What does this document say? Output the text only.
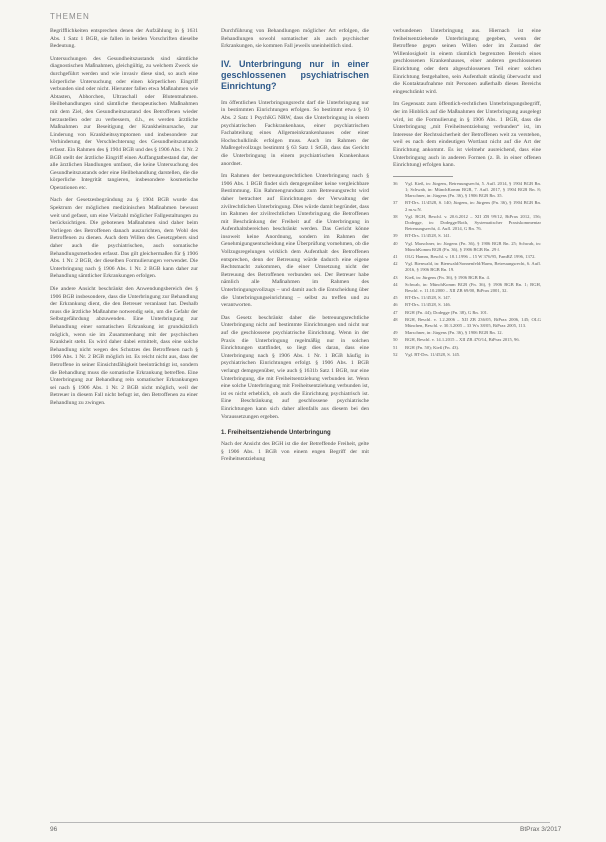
THEMEN

Begrifflichkeiten entsprechen denen der Aufzählung in § 1631 Abs. 1 Satz 1 BGB, sie fallen in beiden Vorschriften dieselbe Bedeutung.

Untersuchungen des Gesundheitszustands sind sämtliche diagnostischen Maßnahmen, gleichgültig, zu welchem Zweck sie durchgeführt werden und wie invasiv diese sind, so auch eine körperliche Untersuchung oder einen körperlichen Eingriff verbunden sind oder nicht. Hierunter fallen etwa Maßnahmen wie Abtasten, Abhorchen, Ultraschall oder Blutentnahmen. Heilbehandlungen sind sämtliche therapeutischen Maßnahmen mit dem Ziel, den Gesundheitszustand des Betroffenen wieder herzustellen oder zu verbessern, d.h., es werden ärztliche Maßnahmen zur Beseitigung der Krankheitsursache, zur Linderung von Krankheitssymptomen und insbesondere zur Verhinderung der Verschlechterung des Gesundheitszustands erfasst. Ein Rahmen des § 1904 BGB und des § 1906 Abs. 1 Nr. 2 BGB stellt der ärztliche Eingriff einen Auffangtatbestand dar, der alle ärztlichen Handlungen umfasst, die keine Untersuchung des Gesundheitszustands oder eine Heilbehandlung darstellen, die die körperliche Integrität tangieren, insbesondere kosmetische Operationen etc.

Nach der Gesetzesbegründung zu § 1904 BGB wurde das Spektrum der möglichen medizinischen Maßnahmen bewusst weit und gefasst, um eine Vielzahl möglicher Fallgestaltungen zu berücksichtigen. Die gebotenen Maßnahmen sind daher beim Vorliegen des Betroffenen danach auszurichten, dem Wohl des Betroffenen zu dienen. Auch dem Willen des Gesetzgebers sind daher auch die psychiatrischen, auch somatische Behandlungsmethoden erfasst. Das gilt gleichermaßen für § 1906 Abs. 1 Nr. 2 BGB, der dieselben Formulierungen verwendet. Die Unterbringung nach § 1906 Abs. 1 Nr. 2 BGB kann daher zur Behandlung sämtlicher Erkrankungen erfolgen.

Die andere Ansicht beschränkt den Anwendungsbereich des § 1906 BGB insbesondere, dass die Unterbringung zur Behandlung der Erkrankung dient, die den Betreuer veranlasst hat. Deshalb muss die ärztliche Maßnahme notwendig sein, um die Gefahr der Selbstgefährdung abzuwenden. Eine Unterbringung zur Behandlung einer somatischen Erkrankung ist grundsätzlich möglich, wenn sie im Zusammenhang mit der psychischen Krankheit steht. Es wird daher dabei ermittelt, dass eine solche Behandlung nicht wegen des Schutzes des Betroffenen nach § 1906 Abs. 1 Nr. 2 BGB möglich ist. Es reicht nicht aus, dass der Betroffene in seiner Einsichtsfähigkeit beeinträchtigt ist, sondern die Behandlung muss die somatische Erkrankung betreffen. Eine Unterbringung zur Behandlung rein somatischer Erkrankungen sei nach § 1906 Abs. 1 Nr. 2 BGB nicht möglich, weil der Betreuer in diesem Fall nicht befugt ist, den Betroffenen zu einer Behandlung zu zwingen.

Durchführung von Behandlungen möglicher Art erfolgen, die Behandlungen sowohl somatischer als auch psychischer Erkrankungen, sie kommen Fall jeweils uneinheitlich sind.

IV. Unterbringung nur in einer geschlossenen psychiatrischen Einrichtung?

Im öffentlichen Unterbringungsrecht darf die Unterbringung nur in bestimmten Einrichtungen erfolgen. So bestimmt etwa § 10 Abs. 2 Satz 1 PsychKG NRW, dass die Unterbringung in einem psychiatrischen Fachkrankenhaus, einer psychiatrischen Fachabteilung eines Allgemeinkrankenhauses oder einer Hochschulklinik erfolgen muss. Auch im Rahmen der Maßregelvollzugs bestimmt § 63 Satz 1 StGB, dass das Gericht die Unterbringung in einem psychiatrischen Krankenhaus anordnet.

Im Rahmen der betreuungsrechtlichen Unterbringung nach § 1906 Abs. 1 BGB findet sich demgegenüber keine vergleichbare Bestimmung. Ein Rahmengrundsatz zum Betreuungsrecht wird daher betrachtet auf Einrichtungen der Verwaltung der zivilrechtlichen Unterbringung. Dies würde damit begründet, dass im Rahmen der zivilrechtlichen Unterbringung die Betroffenen mit Beschränkung der Freiheit auf die Unterbringung in Aufenthaltsbereichen beschränkt werden. Das Gericht könne insoweit keine Anordnung, sondern im Rahmen der Genehmigungsentscheidung eine Überprüfung vornehmen, ob die Vollzugsregelungen wirklich dem Aufenthalt des Betroffenen entsprechen, denn der Betreuung würde dadurch eine eigene Rechtsmacht zukommen, die einer Umsetzung nicht der Betreuung des Betroffenen verbunden sei. Der Betreuer habe nämlich alle Maßnahmen im Rahmen des Unterbringungsvollzugs – und damit auch die Entscheidung über die Unterbringungseinrichtung – selbst zu treffen und zu verantworten.

Das Gesetz beschränkt daher die betreuungsrechtliche Unterbringung nicht auf bestimmte Einrichtungen und nicht nur auf die geschlossene psychiatrische Einrichtung. Wenn in der Praxis die Unterbringung regelmäßig nur in solchen Einrichtungen stattfindet, so liegt dies daran, dass eine Unterbringung nach § 1906 Abs. 1 Nr. 1 BGB häufig in psychiatrischen Einrichtungen erfolgt. § 1906 Abs. 1 BGB verlangt demgegenüber, wie auch § 1631b Satz 1 BGB, nur eine Unterbringung, die mit Freiheitsentziehung verbunden ist. Wenn eine solche Unterbringung mit Freiheitsentziehung verbunden ist, ist es nicht erheblich, ob auch die Einrichtung psychiatrisch ist. Eine Beschränkung auf geschlossene psychiatrische Einrichtungen kann sich daher allenfalls aus diesem bei den Voraussetzungen ergeben.

1. Freiheitsentziehende Unterbringung

Nach der Ansicht des BGH ist die der Betreffende Freiheit, gelte § 1906 Abs. 1 BGB von einem engen Begriff der mit Freiheitsentziehung

verbundenen Unterbringung aus. Hiernach ist eine freiheitsentziehende Unterbringung gegeben, wenn der Betroffene gegen seinen Willen oder im Zustand der Willenlosigkeit in einem räumlich begrenzten Bereich eines geschlossenen Krankenhauses, einer anderen geschlossenen Einrichtung oder dem abgeschlossenen Teil einer solchen Einrichtung festgehalten, sein Aufenthalt ständig überwacht und die Kontaktaufnahme mit Personen außerhalb dieses Bereichs eingeschränkt wird.

Im Gegensatz zum öffentlich-rechtlichen Unterbringungsbegriff, der im Hinblick auf die Maßnahmen der Unterbringung ausgelegt wird, ist die Formulierung in § 1906 Abs. 1 BGB, dass die Unterbringung „mit Freiheitsentziehung verbunden“ ist, im Interesse der Rechtssicherheit der Betroffenen weit zu verstehen, weil es nach dem eindeutigen Wortlaut nicht auf die Art der Einrichtung ankommt. Es ist vielmehr ausreichend, dass eine Unterbringung auch in anderen Formen (z. B. in einer offenen Einrichtung) erfolgen kann.

36	Vgl. Kieß, in: Jürgens, Betreuungsrecht, 5. Aufl. 2014, § 1904 BGB Rn. 1; Schwab, in: MünchKomm BGB, 7. Aufl. 2017, § 1904 BGB Rn. 8; Marschner, in: Jürgens (Fn. 36), § 1906 BGB Rn. 35.
37	BT-Drs. 11/4528, S. 140; Jürgens, in: Jürgens (Fn. 36), § 1904 BGB Rn. 2 m.w.N.
38	Vgl. BGH, Beschl. v. 20.6.2012 – XII ZB 99/12, BtPrax 2012, 156; Dodegge, in: Dodegge/Roth, Systematischer Praxiskommentar Betreuungsrecht, 4. Aufl. 2014, G Rn. 76.
39	BT-Drs. 11/4528, S. 141.
40	Vgl. Marschner, in: Jürgens (Fn. 36), § 1906 BGB Rn. 25; Schwab, in: MünchKomm BGB (Fn. 36), § 1906 BGB Rn. 29 f.
41	OLG Hamm, Beschl. v. 18.1.1996 – 15 W 376/95, FamRZ 1996, 1372.
42	Vgl. Bienwald, in: Bienwald/Sonnenfeld/Harm, Betreuungsrecht, 6. Aufl. 2016, § 1906 BGB Rn. 19.
43	Kieß, in: Jürgens (Fn. 36), § 1906 BGB Rn. 4.
44	Schwab, in: MünchKomm BGB (Fn. 36), § 1906 BGB Rn. 1; BGH, Beschl. v. 11.10.2000 – XII ZB 69/00, BtPrax 2001, 32.
45	BT-Drs. 11/4528, S. 147.
46	BT-Drs. 11/4528, S. 146.
47	BGH (Fn. 44); Dodegge (Fn. 38), G Rn. 101.
48	BGH, Beschl. v. 1.2.2006 – XII ZB 236/05, BtPrax 2006, 145; OLG München, Beschl. v. 30.3.2005 – 33 Wx 38/05, BtPrax 2005, 113.
49	Marschner, in: Jürgens (Fn. 36), § 1906 BGB Rn. 12.
50	BGH, Beschl. v. 14.1.2015 – XII ZB 470/14, BtPrax 2015, 96.
51	BGH (Fn. 50); Kieß (Fn. 43).
52	Vgl. BT-Drs. 11/4528, S. 145.
96	BtPrax 3/2017
